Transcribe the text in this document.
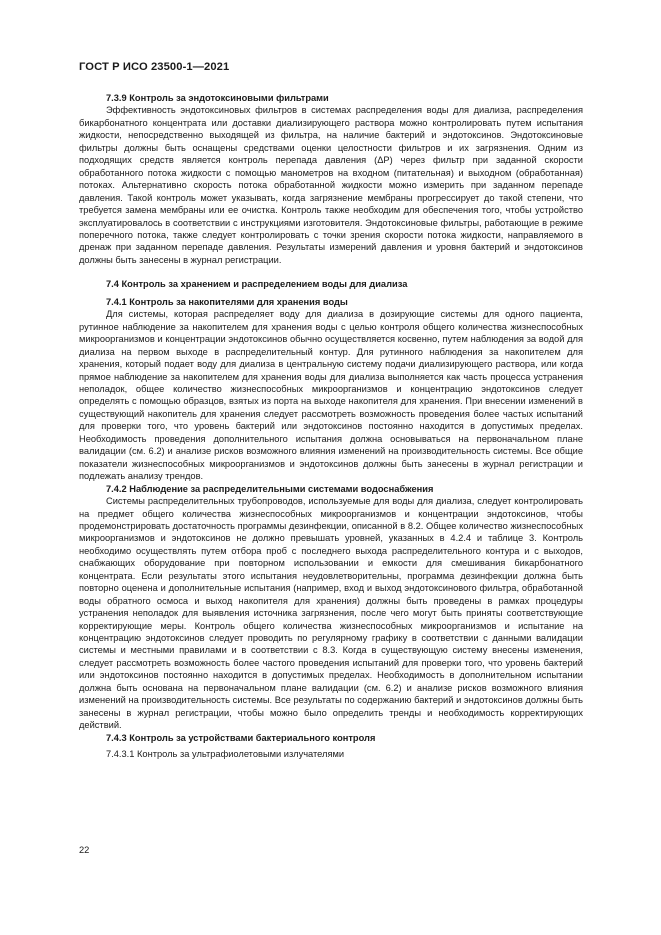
ГОСТ Р ИСО 23500-1—2021
7.3.9 Контроль за эндотоксиновыми фильтрами

Эффективность эндотоксиновых фильтров в системах распределения воды для диализа, распределения бикарбонатного концентрата или доставки диализирующего раствора можно контролировать путем испытания жидкости, непосредственно выходящей из фильтра, на наличие бактерий и эндотоксинов. Эндотоксиновые фильтры должны быть оснащены средствами оценки целостности фильтров и их загрязнения. Одним из подходящих средств является контроль перепада давления (ΔP) через фильтр при заданной скорости обработанного потока жидкости с помощью манометров на входном (питательная) и выходном (обработанная) потоках. Альтернативно скорость потока обработанной жидкости можно измерить при заданном перепаде давления. Такой контроль может указывать, когда загрязнение мембраны прогрессирует до такой степени, что требуется замена мембраны или ее очистка. Контроль также необходим для обеспечения того, чтобы устройство эксплуатировалось в соответствии с инструкциями изготовителя. Эндотоксиновые фильтры, работающие в режиме поперечного потока, также следует контролировать с точки зрения скорости потока жидкости, направляемого в дренаж при заданном перепаде давления. Результаты измерений давления и уровня бактерий и эндотоксинов должны быть занесены в журнал регистрации.

7.4 Контроль за хранением и распределением воды для диализа
7.4.1 Контроль за накопителями для хранения воды

Для системы, которая распределяет воду для диализа в дозирующие системы для одного пациента, рутинное наблюдение за накопителем для хранения воды с целью контроля общего количества жизнеспособных микроорганизмов и концентрации эндотоксинов обычно осуществляется косвенно, путем наблюдения за водой для диализа на первом выходе в распределительный контур. Для рутинного наблюдения за накопителем для хранения, который подает воду для диализа в центральную систему подачи диализирующего раствора, или когда прямое наблюдение за накопителем для хранения воды для диализа выполняется как часть процесса устранения неполадок, общее количество жизнеспособных микроорганизмов и концентрацию эндотоксинов следует определять с помощью образцов, взятых из порта на выходе накопителя для хранения. При внесении изменений в существующий накопитель для хранения следует рассмотреть возможность проведения более частых испытаний для проверки того, что уровень бактерий или эндотоксинов постоянно находится в допустимых пределах. Необходимость проведения дополнительного испытания должна основываться на первоначальном плане валидации (см. 6.2) и анализе рисков возможного влияния изменений на производительность системы. Все общие показатели жизнеспособных микроорганизмов и эндотоксинов должны быть занесены в журнал регистрации и подлежать анализу трендов.

7.4.2 Наблюдение за распределительными системами водоснабжения

Системы распределительных трубопроводов, используемые для воды для диализа, следует контролировать на предмет общего количества жизнеспособных микроорганизмов и концентрации эндотоксинов, чтобы продемонстрировать достаточность программы дезинфекции, описанной в 8.2. Общее количество жизнеспособных микроорганизмов и эндотоксинов не должно превышать уровней, указанных в 4.2.4 и таблице 3. Контроль необходимо осуществлять путем отбора проб с последнего выхода распределительного контура и с выходов, снабжающих оборудование при повторном использовании и емкости для смешивания бикарбонатного концентрата. Если результаты этого испытания неудовлетворительны, программа дезинфекции должна быть повторно оценена и дополнительные испытания (например, вход и выход эндотоксинового фильтра, обработанной воды обратного осмоса и выход накопителя для хранения) должны быть проведены в рамках процедуры устранения неполадок для выявления источника загрязнения, после чего могут быть приняты соответствующие корректирующие меры. Контроль общего количества жизнеспособных микроорганизмов и испытание на концентрацию эндотоксинов следует проводить по регулярному графику в соответствии с данными валидации системы и местными правилами и в соответствии с 8.3. Когда в существующую систему внесены изменения, следует рассмотреть возможность более частого проведения испытаний для проверки того, что уровень бактерий или эндотоксинов постоянно находится в допустимых пределах. Необходимость в дополнительном испытании должна быть основана на первоначальном плане валидации (см. 6.2) и анализе рисков возможного влияния изменений на производительность системы. Все результаты по содержанию бактерий и эндотоксинов должны быть занесены в журнал регистрации, чтобы можно было определить тренды и необходимость корректирующих действий.

7.4.3 Контроль за устройствами бактериального контроля
7.4.3.1 Контроль за ультрафиолетовыми излучателями
22
